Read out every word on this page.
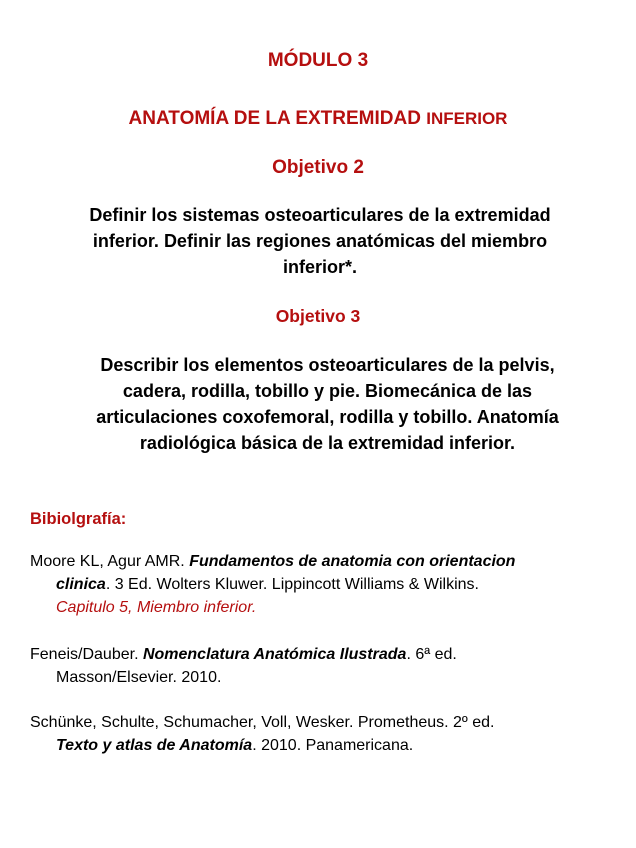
MÓDULO 3
ANATOMÍA DE LA EXTREMIDAD INFERIOR
Objetivo 2
Definir los sistemas osteoarticulares de la extremidad
inferior. Definir las regiones anatómicas del miembro
inferior*.
Objetivo 3
Describir los elementos osteoarticulares de la pelvis,
cadera, rodilla, tobillo y pie. Biomecánica de las
articulaciones coxofemoral, rodilla y tobillo. Anatomía
radiológica básica de la extremidad inferior.
Bibiolgrafía:
Moore KL, Agur AMR. Fundamentos de anatomia con orientacion
clinica. 3 Ed. Wolters Kluwer. Lippincott Williams & Wilkins.
Capitulo 5, Miembro inferior.
Feneis/Dauber. Nomenclatura Anatómica Ilustrada. 6ª ed.
Masson/Elsevier. 2010.
Schünke, Schulte, Schumacher, Voll, Wesker. Prometheus. 2º ed.
Texto y atlas de Anatomía. 2010. Panamericana.
